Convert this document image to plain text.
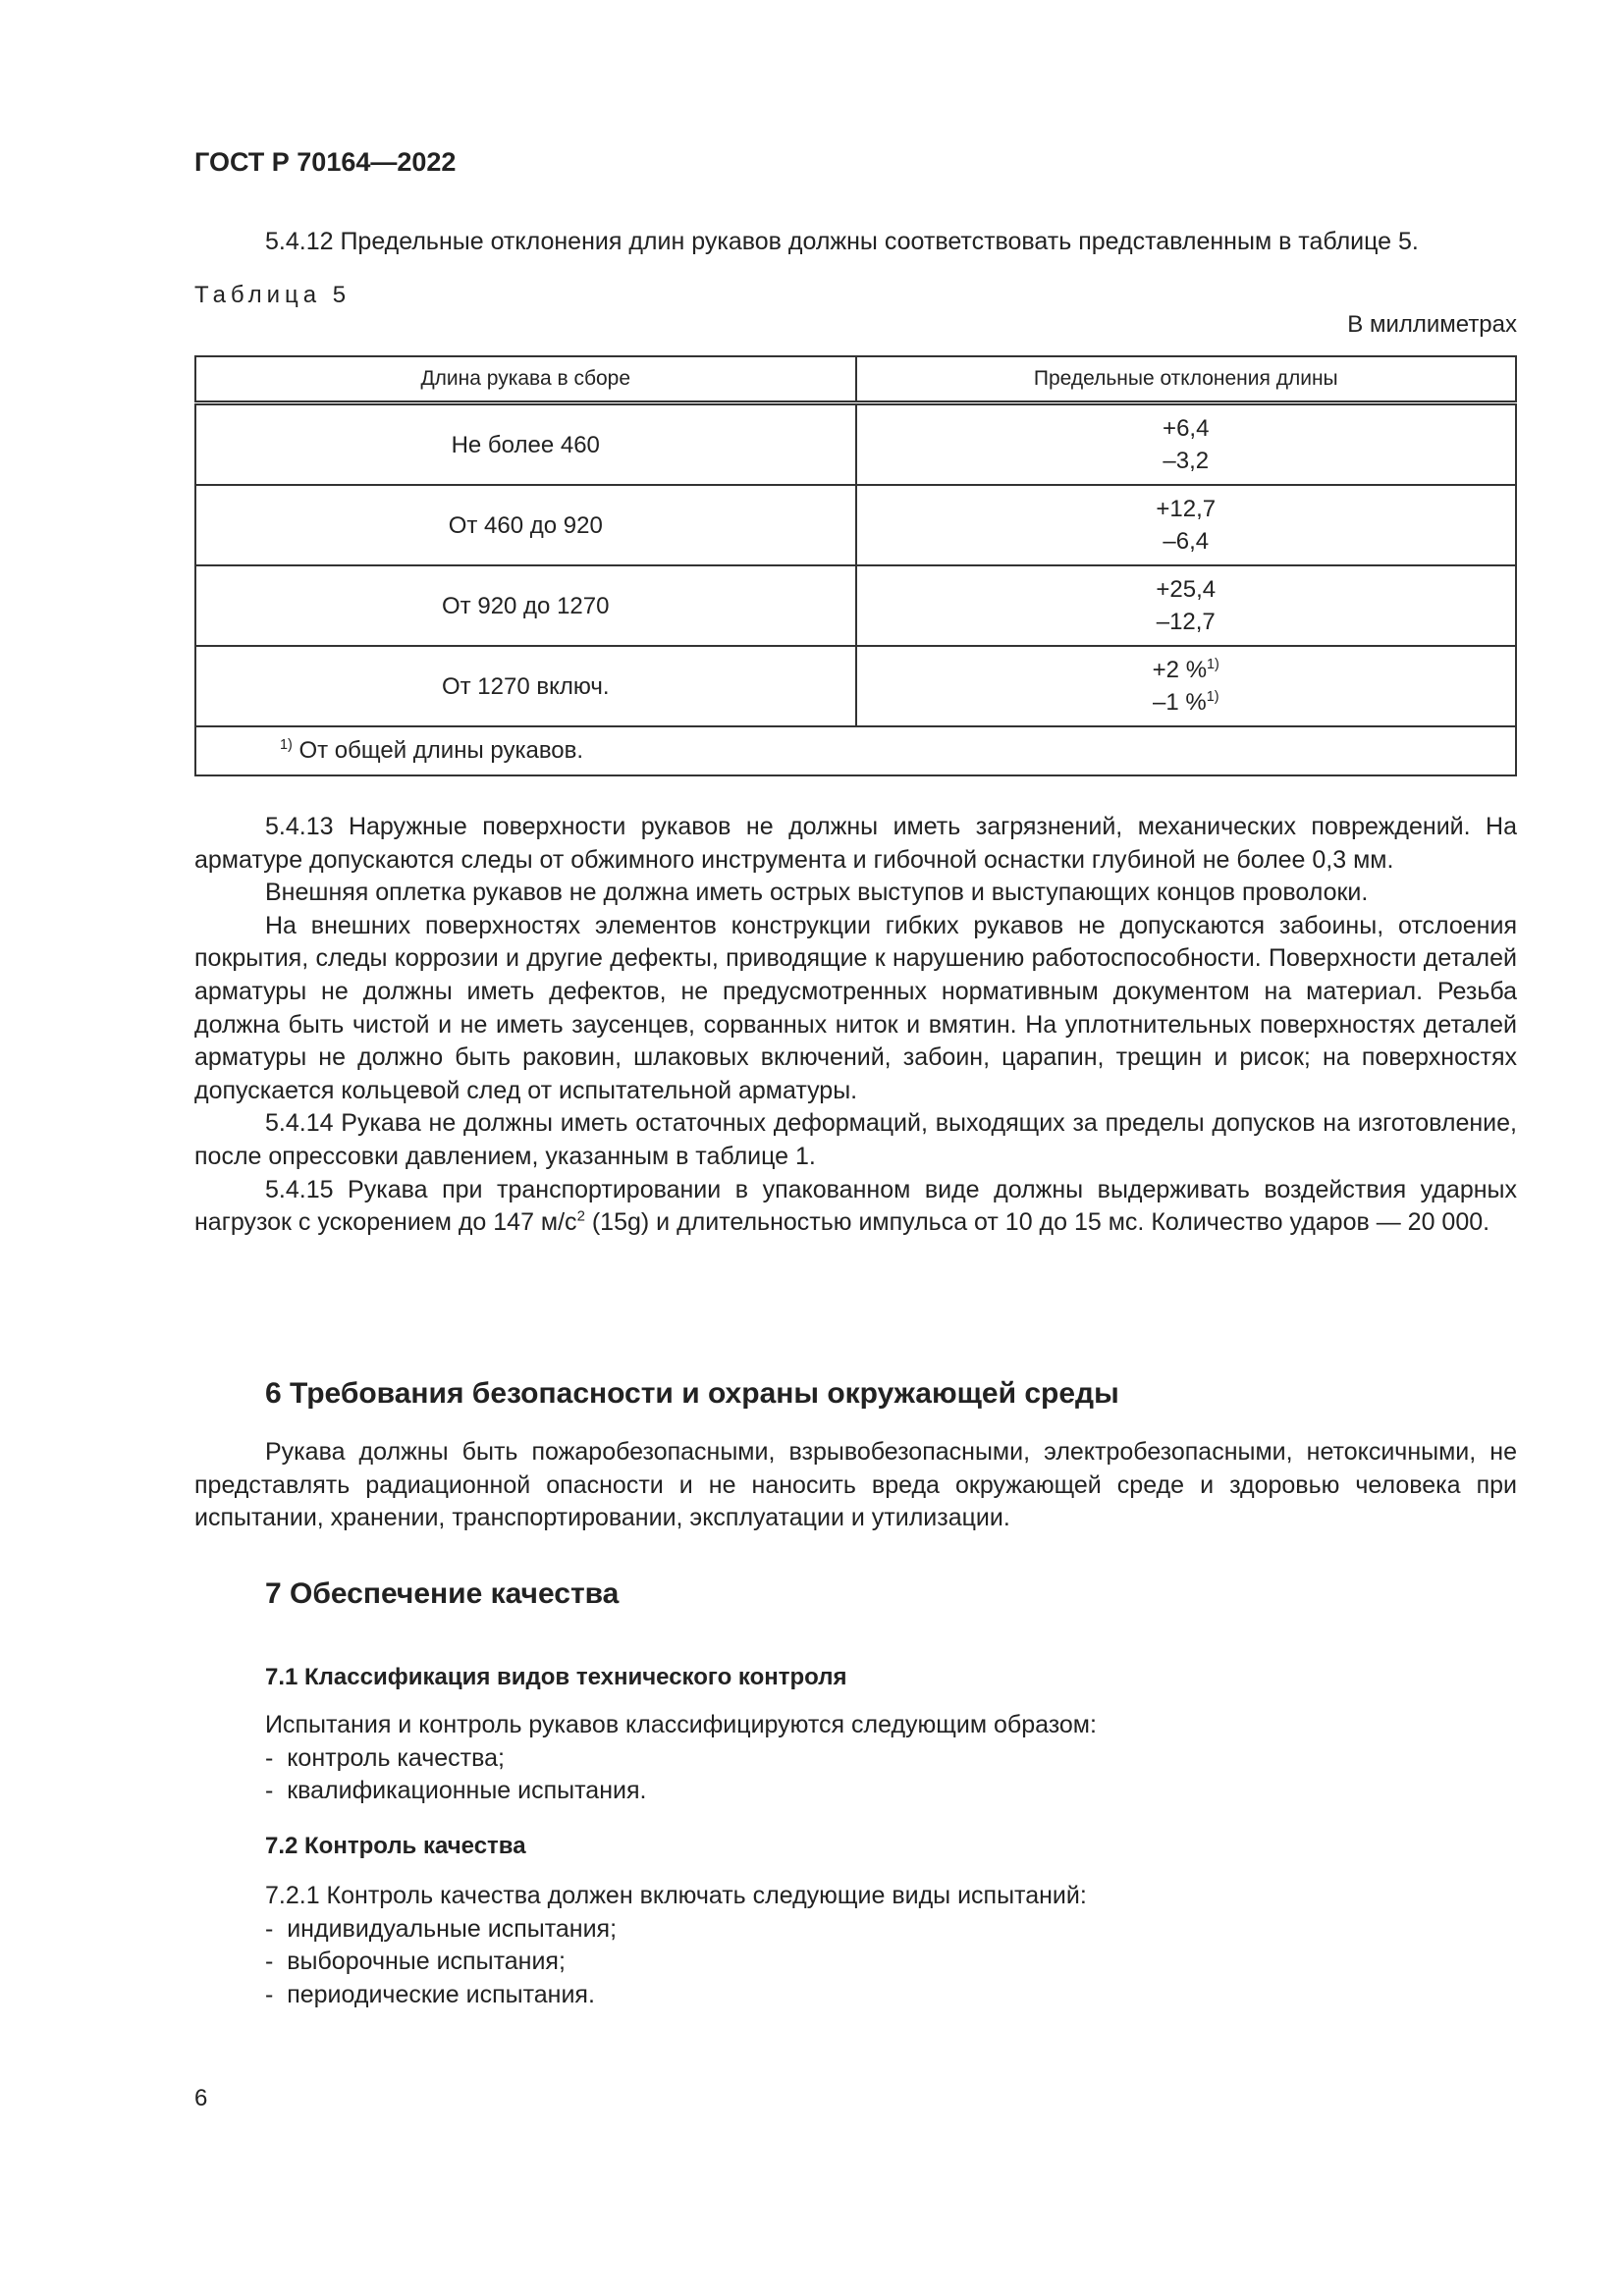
ГОСТ Р 70164—2022

5.4.12 Предельные отклонения длин рукавов должны соответствовать представленным в таблице 5.

Таблица 5
В миллиметрах
Длина рукава в сборе	Предельные отклонения длины
Не более 460	+6,4
–3,2

От 460 до 920	+12,7
–6,4

От 920 до 1270	+25,4
–12,7

От 1270 включ.	+2 %$^{1)}$
–1 %$^{1)}$

$^{1)}$ От общей длины рукавов.	

5.4.13 Наружные поверхности рукавов не должны иметь загрязнений, механических повреждений. На арматуре допускаются следы от обжимного инструмента и гибочной оснастки глубиной не более 0,3 мм.

Внешняя оплетка рукавов не должна иметь острых выступов и выступающих концов проволоки.

На внешних поверхностях элементов конструкции гибких рукавов не допускаются забоины, отслоения покрытия, следы коррозии и другие дефекты, приводящие к нарушению работоспособности. Поверхности деталей арматуры не должны иметь дефектов, не предусмотренных нормативным документом на материал. Резьба должна быть чистой и не иметь заусенцев, сорванных ниток и вмятин. На уплотнительных поверхностях деталей арматуры не должно быть раковин, шлаковых включений, забоин, царапин, трещин и рисок; на поверхностях допускается кольцевой след от испытательной арматуры.

5.4.14 Рукава не должны иметь остаточных деформаций, выходящих за пределы допусков на изготовление, после опрессовки давлением, указанным в таблице 1.

5.4.15 Рукава при транспортировании в упакованном виде должны выдерживать воздействия ударных нагрузок с ускорением до 147 $м/с^2$ (15g) и длительностью импульса от 10 до 15 мс. Количество ударов — 20 000.

6 Требования безопасности и охраны окружающей среды

Рукава должны быть пожаробезопасными, взрывобезопасными, электробезопасными, нетоксичными, не представлять радиационной опасности и не наносить вреда окружающей среде и здоровью человека при испытании, хранении, транспортировании, эксплуатации и утилизации.

7 Обеспечение качества
7.1 Классификация видов технического контроля
Испытания и контроль рукавов классифицируются следующим образом:
-  контроль качества;
-  квалификационные испытания.
7.2 Контроль качества
7.2.1 Контроль качества должен включать следующие виды испытаний:
-  индивидуальные испытания;
-  выборочные испытания;
-  периодические испытания.
6
